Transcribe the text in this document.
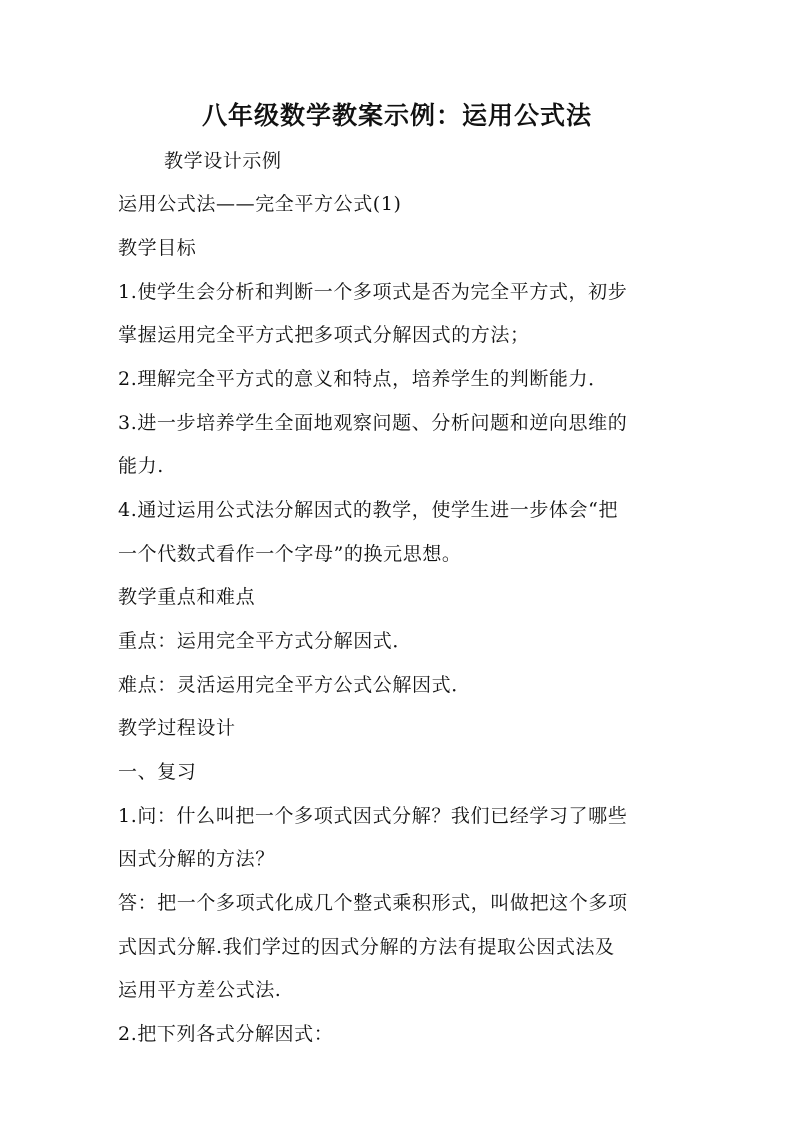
八年级数学教案示例：运用公式法
教学设计示例
运用公式法——完全平方公式(1)
教学目标
1.使学生会分析和判断一个多项式是否为完全平方式，初步
掌握运用完全平方式把多项式分解因式的方法；
2.理解完全平方式的意义和特点，培养学生的判断能力．
3.进一步培养学生全面地观察问题、分析问题和逆向思维的
能力.
4.通过运用公式法分解因式的教学，使学生进一步体会“把
一个代数式看作一个字母”的换元思想。
教学重点和难点
重点：运用完全平方式分解因式．
难点：灵活运用完全平方公式公解因式．
教学过程设计
一、复习
1.问：什么叫把一个多项式因式分解？我们已经学习了哪些
因式分解的方法？
答：把一个多项式化成几个整式乘积形式，叫做把这个多项
式因式分解.我们学过的因式分解的方法有提取公因式法及
运用平方差公式法.
2.把下列各式分解因式：
